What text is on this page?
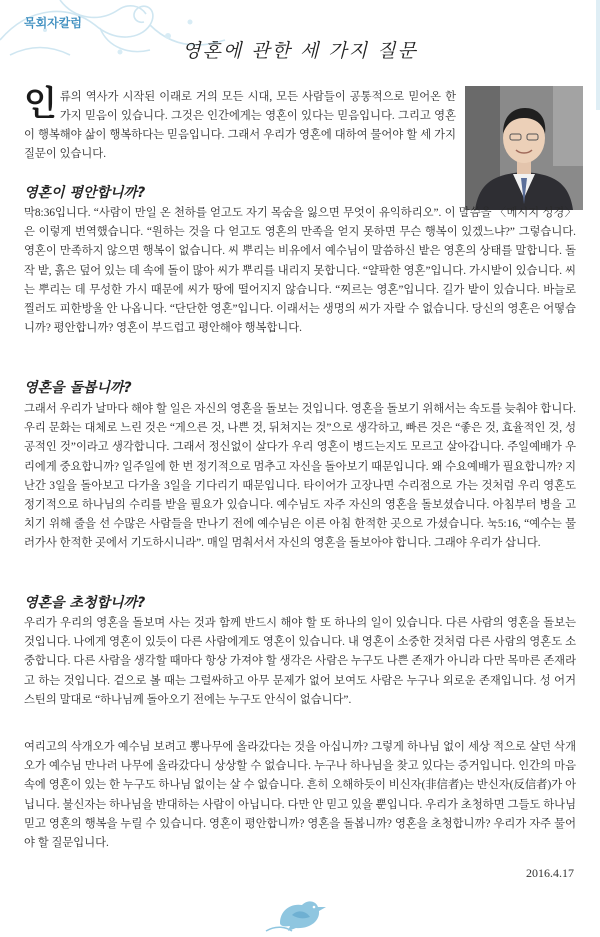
목회자칼럼
영혼에 관한 세 가지 질문
인류의 역사가 시작된 이래로 거의 모든 시대, 모든 사람들이 공통적으로 믿어온 한 가지 믿음이 있습니다. 그것은 인간에게는 영혼이 있다는 믿음입니다. 그리고 영혼이 행복해야 삶이 행복하다는 믿음입니다. 그래서 우리가 영혼에 대하여 물어야 할 세 가지 질문이 있습니다.
영혼이 평안합니까?

막8:36입니다. “사람이 만일 온 천하를 얻고도 자기 목숨을 잃으면 무엇이 유익하리오”. 이 말씀을 〈메시지 성경〉은 이렇게 번역했습니다. “원하는 것을 다 얻고도 영혼의 만족을 얻지 못하면 무슨 행복이 있겠느냐?” 그렇습니다. 영혼이 만족하지 않으면 행복이 없습니다. 씨 뿌리는 비유에서 예수님이 말씀하신 밭은 영혼의 상태를 말합니다. 돌 작 밭, 흙은 덮어 있는 데 속에 돌이 많아 씨가 뿌리를 내리지 못합니다. “얄팍한 영혼”입니다. 가시밭이 있습니다. 씨는 뿌리는 데 무성한 가시 때문에 씨가 땅에 떨어지지 않습니다. “찌르는 영혼”입니다. 길가 밭이 있습니다. 바늘로 찔러도 피한방울 안 나옵니다. “단단한 영혼”입니다. 이래서는 생명의 씨가 자랄 수 없습니다. 당신의 영혼은 어떻습니까? 평안합니까? 영혼이 부드럽고 평안해야 행복합니다.

영혼을 돌봅니까?

그래서 우리가 날마다 해야 할 일은 자신의 영혼을 돌보는 것입니다. 영혼을 돌보기 위해서는 속도를 늦춰야 합니다. 우리 문화는 대체로 느린 것은 “게으른 것, 나쁜 것, 뒤쳐지는 것”으로 생각하고, 빠른 것은 “좋은 것, 효율적인 것, 성공적인 것”이라고 생각합니다. 그래서 정신없이 살다가 우리 영혼이 병드는지도 모르고 살아갑니다. 주일예배가 우리에게 중요합니까? 일주일에 한 번 정기적으로 멈추고 자신을 돌아보기 때문입니다. 왜 수요예배가 필요합니까? 지난간 3일을 돌아보고 다가올 3일을 기다리기 때문입니다. 타이어가 고장나면 수리점으로 가는 것처럼 우리 영혼도 정기적으로 하나님의 수리를 받을 필요가 있습니다. 예수님도 자주 자신의 영혼을 돌보셨습니다. 아침부터 병을 고치기 위해 줄을 선 수많은 사람들을 만나기 전에 예수님은 이른 아침 한적한 곳으로 가셨습니다. 눅5:16, “예수는 물러가사 한적한 곳에서 기도하시니라”. 매일 멈춰서서 자신의 영혼을 돌보아야 합니다. 그래야 우리가 삽니다.

영혼을 초청합니까?

우리가 우리의 영혼을 돌보며 사는 것과 함께 반드시 해야 할 또 하나의 일이 있습니다. 다른 사람의 영혼을 돌보는 것입니다. 나에게 영혼이 있듯이 다른 사람에게도 영혼이 있습니다. 내 영혼이 소중한 것처럼 다른 사람의 영혼도 소중합니다. 다른 사람을 생각할 때마다 항상 가져야 할 생각은 사람은 누구도 나쁜 존재가 아니라 다만 목마른 존재라고 하는 것입니다. 겉으로 볼 때는 그럴싸하고 아무 문제가 없어 보여도 사람은 누구나 외로운 존재입니다. 성 어거스틴의 말대로 “하나님께 돌아오기 전에는 누구도 안식이 없습니다”.

여리고의 삭개오가 예수님 보려고 뽕나무에 올라갔다는 것을 아십니까? 그렇게 하나님 없이 세상 적으로 살던 삭개오가 예수님 만나러 나무에 올라갔다니 상상할 수 없습니다. 누구나 하나님을 찾고 있다는 증거입니다. 인간의 마음속에 영혼이 있는 한 누구도 하나님 없이는 살 수 없습니다. 흔히 오해하듯이 비신자(非信者)는 반신자(反信者)가 아닙니다. 불신자는 하나님을 반대하는 사람이 아닙니다. 다만 안 믿고 있을 뿐입니다. 우리가 초청하면 그들도 하나님 믿고 영혼의 행복을 누릴 수 있습니다. 영혼이 평안합니까? 영혼을 돌봅니까? 영혼을 초청합니까? 우리가 자주 물어야 할 질문입니다.

2016.4.17
